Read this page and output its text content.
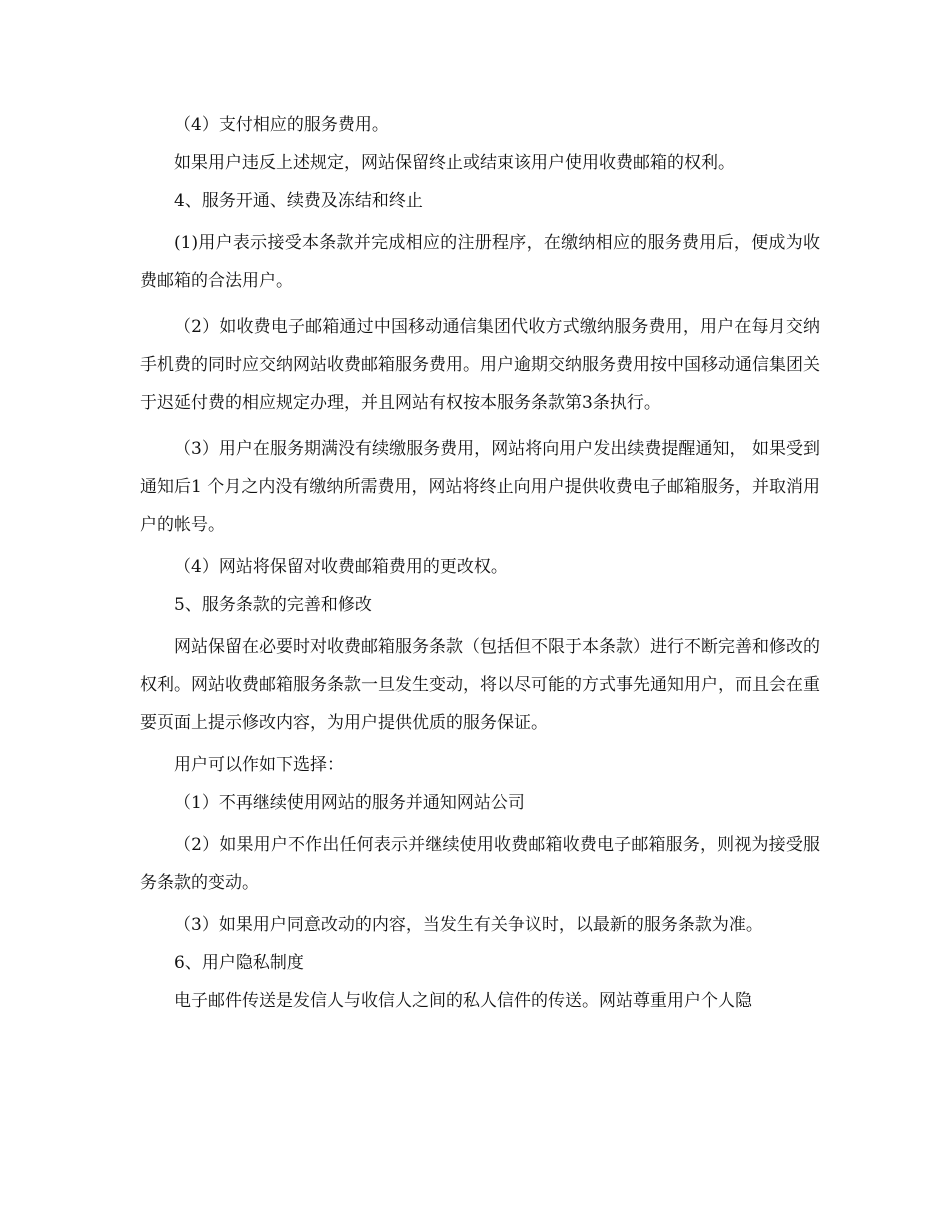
（4）支付相应的服务费用。

如果用户违反上述规定，网站保留终止或结束该用户使用收费邮箱的权利。

4、服务开通、续费及冻结和终止

(1)用户表示接受本条款并完成相应的注册程序，在缴纳相应的服务费用后，便成为收费邮箱的合法用户。

（2）如收费电子邮箱通过中国移动通信集团代收方式缴纳服务费用，用户在每月交纳手机费的同时应交纳网站收费邮箱服务费用。用户逾期交纳服务费用按中国移动通信集团关于迟延付费的相应规定办理，并且网站有权按本服务条款第3条执行。

（3）用户在服务期满没有续缴服务费用，网站将向用户发出续费提醒通知， 如果受到通知后1 个月之内没有缴纳所需费用，网站将终止向用户提供收费电子邮箱服务，并取消用户的帐号。

（4）网站将保留对收费邮箱费用的更改权。

5、服务条款的完善和修改

网站保留在必要时对收费邮箱服务条款（包括但不限于本条款）进行不断完善和修改的权利。网站收费邮箱服务条款一旦发生变动，将以尽可能的方式事先通知用户，而且会在重要页面上提示修改内容，为用户提供优质的服务保证。

用户可以作如下选择：

（1）不再继续使用网站的服务并通知网站公司

（2）如果用户不作出任何表示并继续使用收费邮箱收费电子邮箱服务，则视为接受服务条款的变动。

（3）如果用户同意改动的内容，当发生有关争议时，以最新的服务条款为准。

6、用户隐私制度

电子邮件传送是发信人与收信人之间的私人信件的传送。网站尊重用户个人隐
